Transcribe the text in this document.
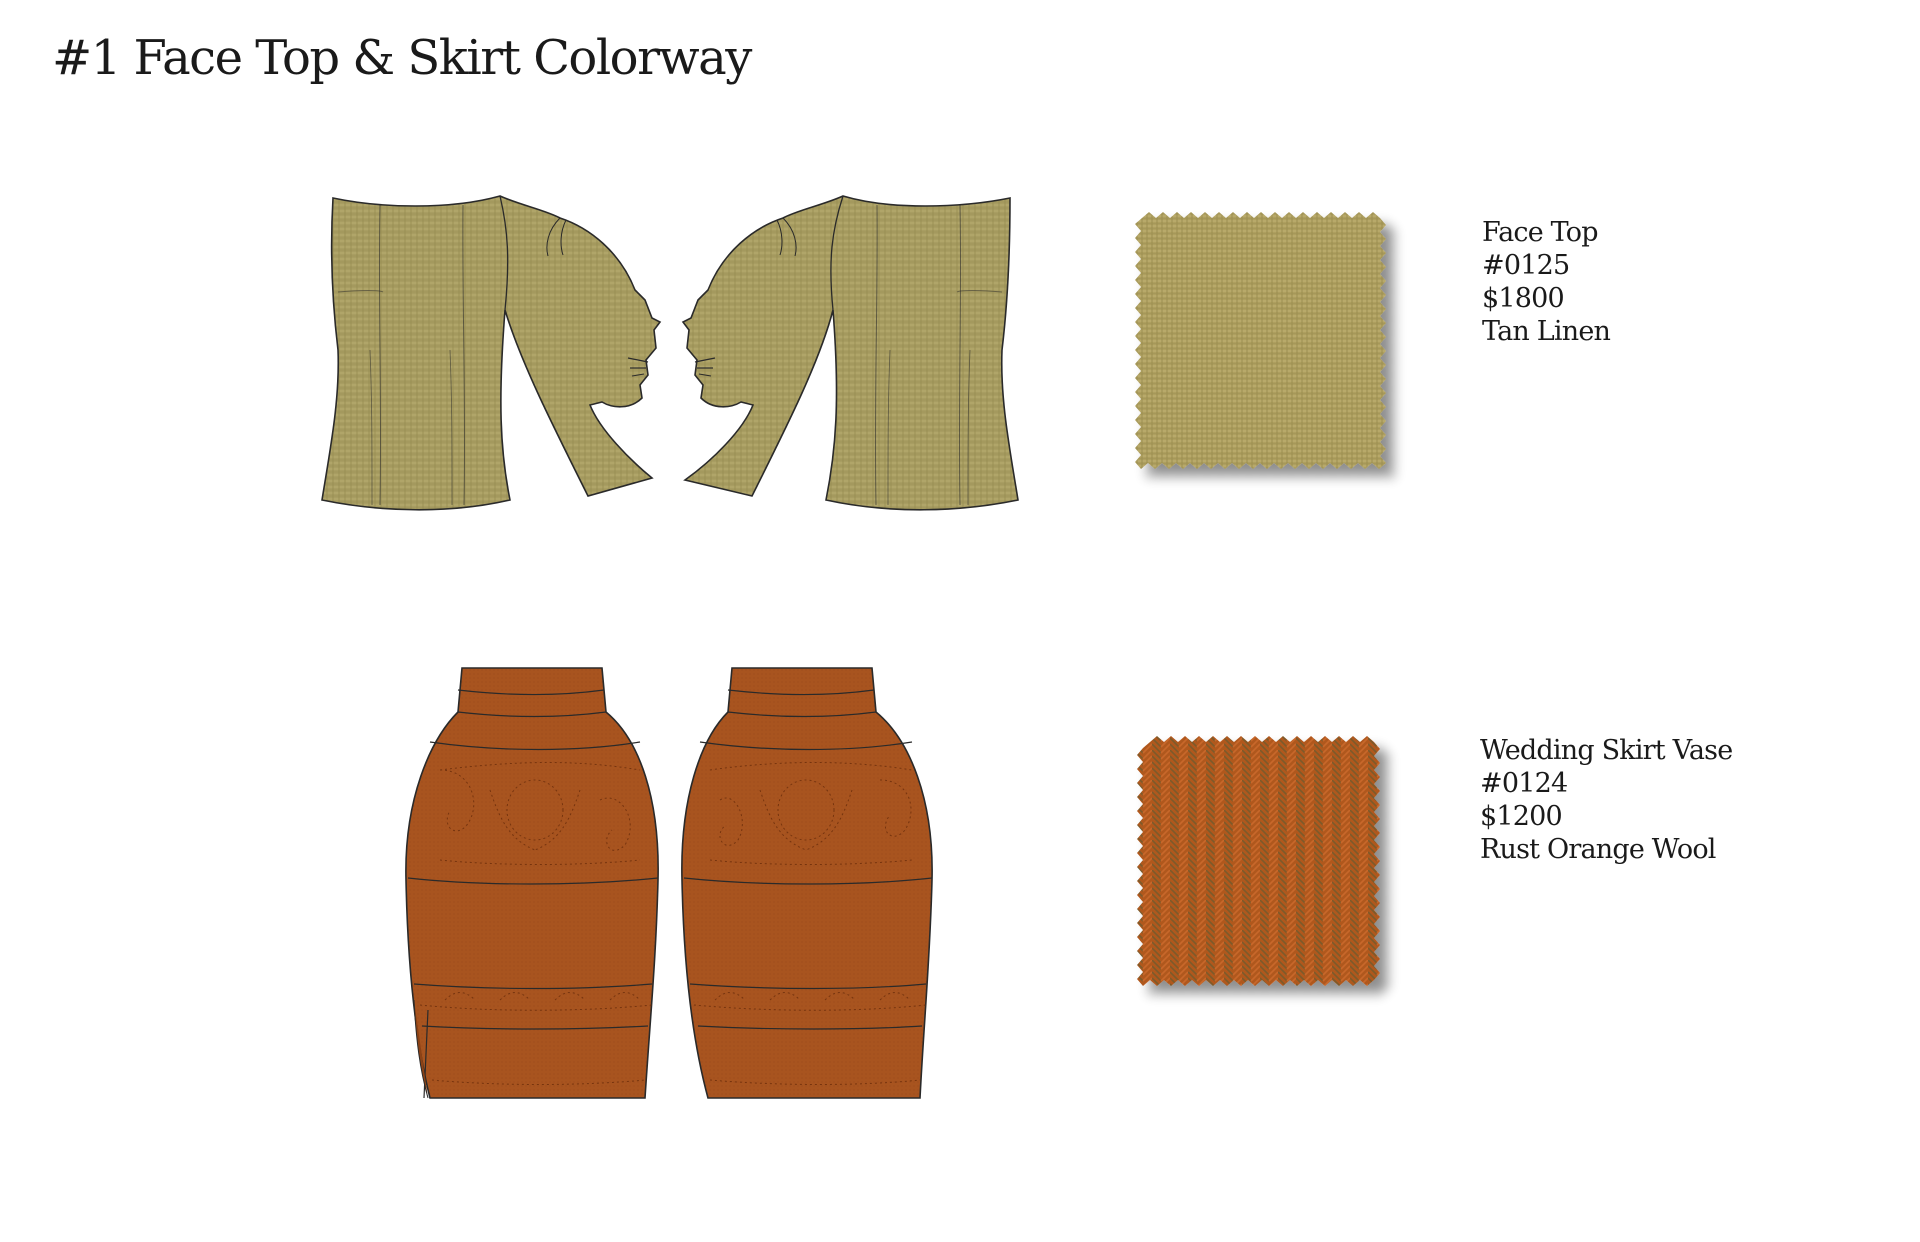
#1 Face Top & Skirt Colorway
Face Top
#0125
$1800
Tan Linen
Wedding Skirt Vase
#0124
$1200
Rust Orange Wool
